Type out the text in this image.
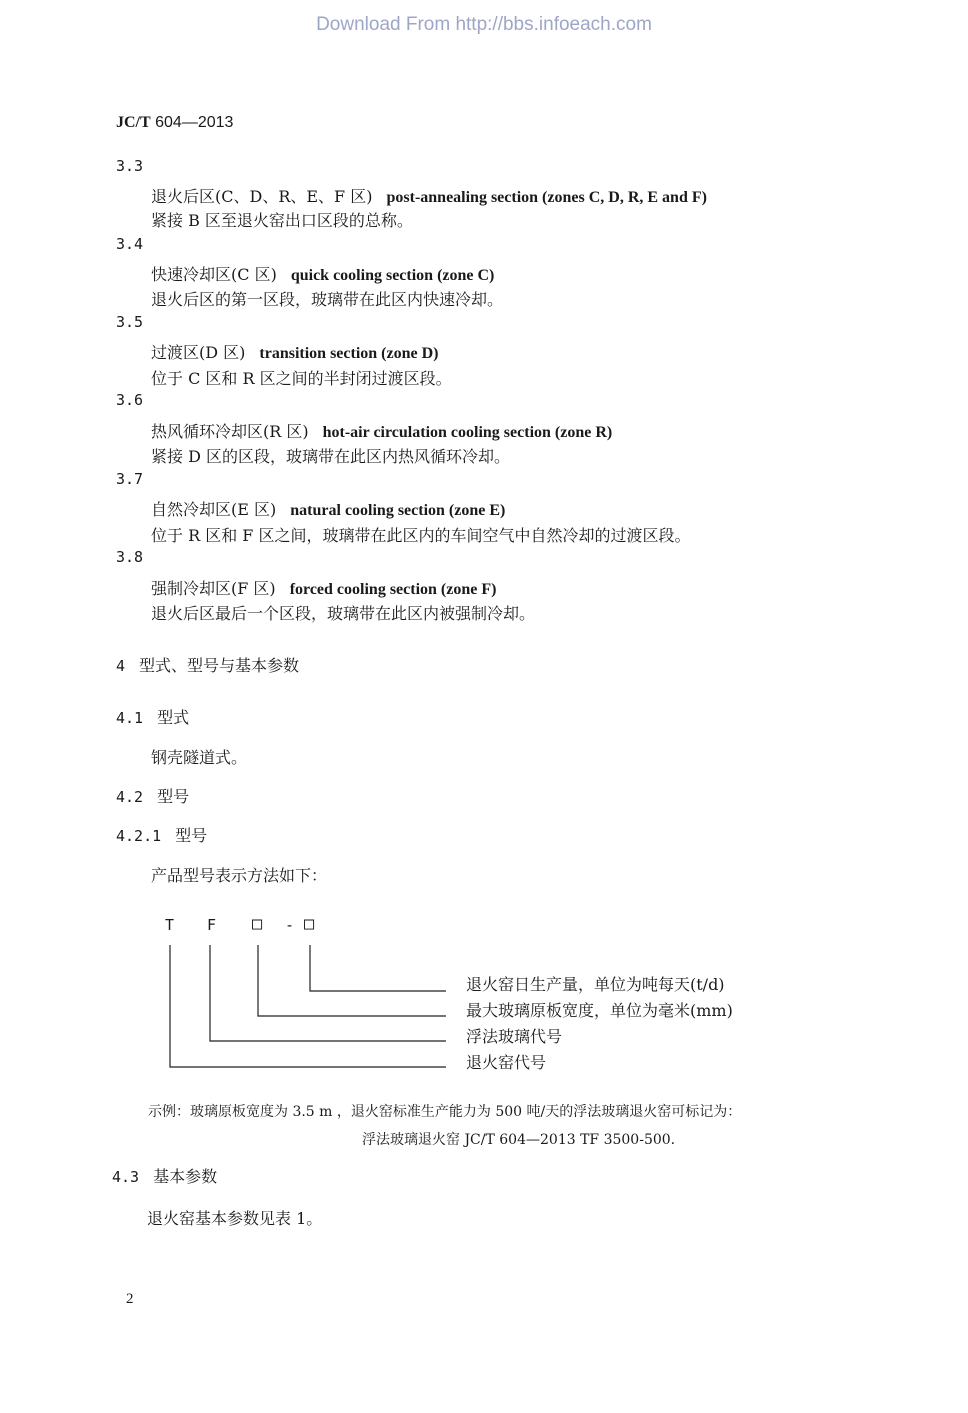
Download From http://bbs.infoeach.com
JC/T 604—2013
3.3
退火后区(C、D、R、E、F 区) post-annealing section (zones C, D, R, E and F)
紧接 B 区至退火窑出口区段的总称。
3.4
快速冷却区(C 区) quick cooling section (zone C)
退火后区的第一区段，玻璃带在此区内快速冷却。
3.5
过渡区(D 区) transition section (zone D)
位于 C 区和 R 区之间的半封闭过渡区段。
3.6
热风循环冷却区(R 区) hot-air circulation cooling section (zone R)
紧接 D 区的区段，玻璃带在此区内热风循环冷却。
3.7
自然冷却区(E 区) natural cooling section (zone E)
位于 R 区和 F 区之间，玻璃带在此区内的车间空气中自然冷却的过渡区段。
3.8
强制冷却区(F 区) forced cooling section (zone F)
退火后区最后一个区段，玻璃带在此区内被强制冷却。
4 型式、型号与基本参数
4.1 型式
钢壳隧道式。
4.2 型号
4.2.1 型号
产品型号表示方法如下：
T F □ - □
退火窑日生产量，单位为吨每天(t/d)
最大玻璃原板宽度，单位为毫米(mm)
浮法玻璃代号
退火窑代号
示例：玻璃原板宽度为 3.5 m ，退火窑标准生产能力为 500 吨/天的浮法玻璃退火窑可标记为：
浮法玻璃退火窑 JC/T 604—2013 TF 3500-500.
4.3 基本参数
退火窑基本参数见表 1。
2
